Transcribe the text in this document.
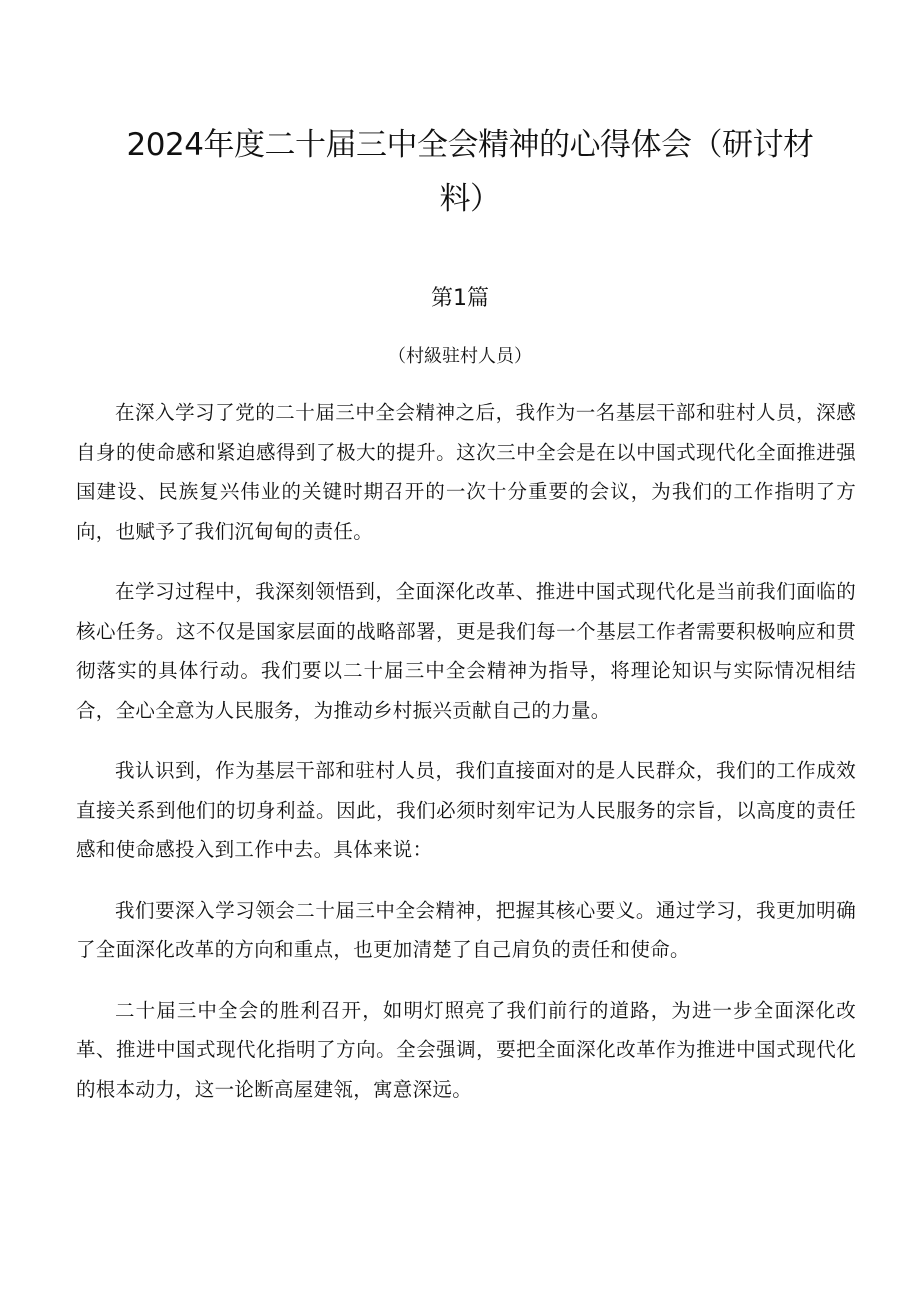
2024年度二十届三中全会精神的心得体会（研讨材料）
第1篇

（村級驻村人员）

在深入学习了党的二十届三中全会精神之后，我作为一名基层干部和驻村人员，深感自身的使命感和紧迫感得到了极大的提升。这次三中全会是在以中国式现代化全面推进强国建设、民族复兴伟业的关键时期召开的一次十分重要的会议，为我们的工作指明了方向，也赋予了我们沉甸甸的责任。

在学习过程中，我深刻领悟到，全面深化改革、推进中国式现代化是当前我们面临的核心任务。这不仅是国家层面的战略部署，更是我们每一个基层工作者需要积极响应和贯彻落实的具体行动。我们要以二十届三中全会精神为指导，将理论知识与实际情况相结合，全心全意为人民服务，为推动乡村振兴贡献自己的力量。

我认识到，作为基层干部和驻村人员，我们直接面对的是人民群众，我们的工作成效直接关系到他们的切身利益。因此，我们必须时刻牢记为人民服务的宗旨，以高度的责任感和使命感投入到工作中去。具体来说：

我们要深入学习领会二十届三中全会精神，把握其核心要义。通过学习，我更加明确了全面深化改革的方向和重点，也更加清楚了自己肩负的责任和使命。

二十届三中全会的胜利召开，如明灯照亮了我们前行的道路，为进一步全面深化改革、推进中国式现代化指明了方向。全会强调，要把全面深化改革作为推进中国式现代化的根本动力，这一论断高屋建瓴，寓意深远。
